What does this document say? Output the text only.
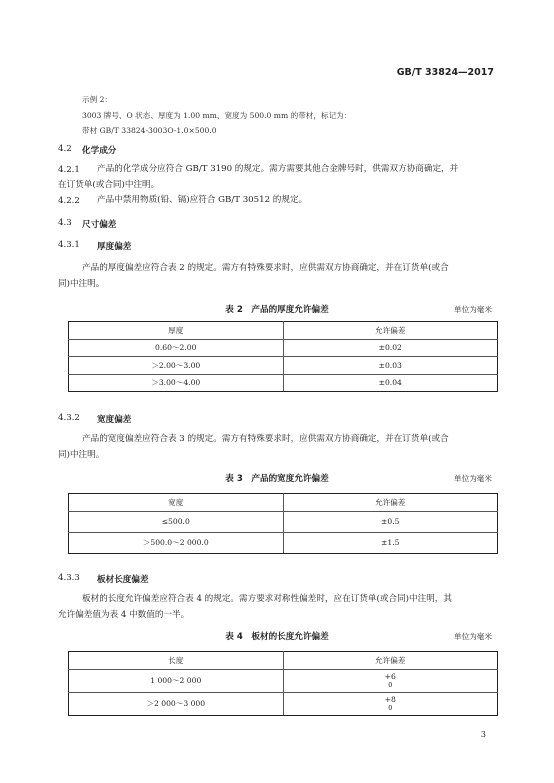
GB/T 33824—2017
示例 2：
3003 牌号、O 状态、厚度为 1.00 mm、宽度为 500.0 mm 的带材，标记为：
带材 GB/T 33824-3003O-1.0×500.0
4.2 化学成分
4.2.1 产品的化学成分应符合 GB/T 3190 的规定。需方需要其他合金牌号时，供需双方协商确定，并
在订货单(或合同)中注明。
4.2.2 产品中禁用物质(铅、镉)应符合 GB/T 30512 的规定。
4.3 尺寸偏差
4.3.1 厚度偏差
产品的厚度偏差应符合表 2 的规定。需方有特殊要求时，应供需双方协商确定，并在订货单(或合
同)中注明。
表 2　产品的厚度允许偏差	单位为毫米
厚度	允许偏差
0.60～2.00	±0.02
＞2.00～3.00	±0.03
＞3.00～4.00	±0.04
4.3.2 宽度偏差
产品的宽度偏差应符合表 3 的规定。需方有特殊要求时，应供需双方协商确定，并在订货单(或合
同)中注明。
表 3　产品的宽度允许偏差	单位为毫米
宽度	允许偏差
≤500.0	±0.5
＞500.0～2 000.0	±1.5
4.3.3 板材长度偏差
板材的长度允许偏差应符合表 4 的规定。需方要求对称性偏差时，应在订货单(或合同)中注明，其
允许偏差值为表 4 中数值的一半。
表 4　板材的长度允许偏差	单位为毫米
长度	允许偏差
1 000～2 000	+6
0

＞2 000～3 000	+8
0
3
